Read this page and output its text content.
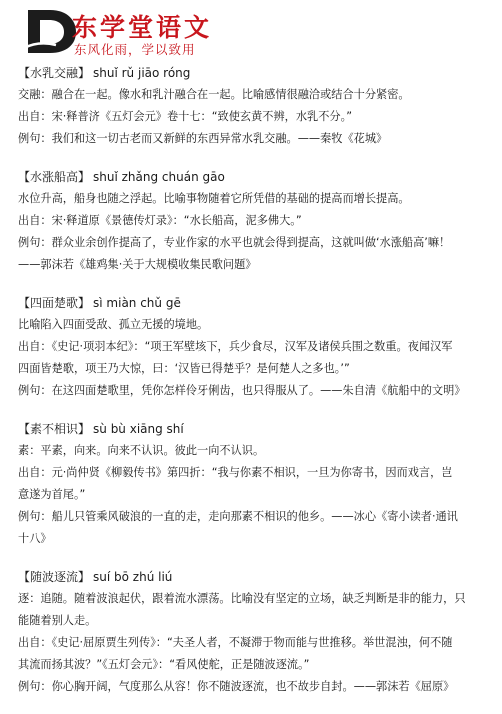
东学堂语文
东风化雨，学以致用
【水乳交融】 shuǐ rǔ jiāo róng
交融：融合在一起。像水和乳汁融合在一起。比喻感情很融洽或结合十分紧密。
出自：宋·释普济《五灯会元》卷十七：“致使玄黄不辨，水乳不分。”
例句：我们和这一切古老而又新鲜的东西异常水乳交融。——秦牧《花城》
【水涨船高】 shuǐ zhǎng chuán gāo
水位升高，船身也随之浮起。比喻事物随着它所凭借的基础的提高而增长提高。
出自：宋·释道原《景德传灯录》：“水长船高，泥多佛大。”
例句：群众业余创作提高了，专业作家的水平也就会得到提高，这就叫做‘水涨船高’嘛！
——郭沫若《雄鸡集·关于大规模收集民歌问题》
【四面楚歌】 sì miàn chǔ gē
比喻陷入四面受敌、孤立无援的境地。
出自：《史记·项羽本纪》：“项王军壁垓下，兵少食尽，汉军及诸侯兵围之数重。夜闻汉军
四面皆楚歌，项王乃大惊，曰：‘汉皆已得楚乎？是何楚人之多也。’”
例句：在这四面楚歌里，凭你怎样伶牙俐齿，也只得服从了。——朱自清《航船中的文明》
【素不相识】 sù bù xiāng shí
素：平素，向来。向来不认识。彼此一向不认识。
出自：元·尚仲贤《柳毅传书》第四折：“我与你素不相识，一旦为你寄书，因而戏言，岂
意遂为首尾。”
例句：船儿只管乘风破浪的一直的走，走向那素不相识的他乡。——冰心《寄小读者·通讯
十八》
【随波逐流】 suí bō zhú liú
逐：追随。随着波浪起伏，跟着流水漂荡。比喻没有坚定的立场，缺乏判断是非的能力，只
能随着别人走。
出自：《史记·屈原贾生列传》：“夫圣人者，不凝滞于物而能与世推移。举世混浊，何不随
其流而扬其波？”《五灯会元》：“看风使舵，正是随波逐流。”
例句：你心胸开阔，气度那么从容！你不随波逐流，也不故步自封。——郭沫若《屈原》
